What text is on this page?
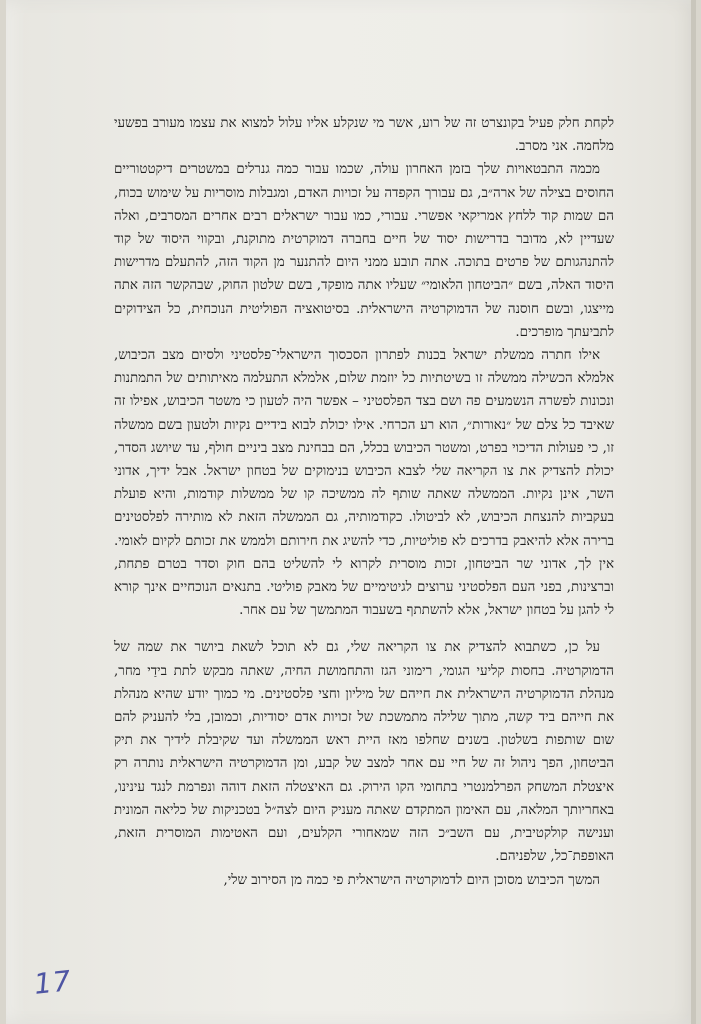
לקחת חלק פעיל בקונצרט זה של רוע, אשר מי שנקלע אליו עלול למצוא את עצמו מעורב בפשעי מלחמה. אני מסרב.

מכמה התבטאויות שלך בזמן האחרון עולה, שכמו עבור כמה גנרלים במשטרים דיקטטוריים החוסים בצילה של ארה״ב, גם עבורך הקפדה על זכויות האדם, ומגבלות מוסריות על שימוש בכוח, הם שמות קוד ללחץ אמריקאי אפשרי. עבורי, כמו עבור ישראלים רבים אחרים המסרבים, ואלה שעדיין לא, מדובר בדרישות יסוד של חיים בחברה דמוקרטית מתוקנת, ובקווי היסוד של קוד להתנהגותם של פרטים בתוכה. אתה תובע ממני היום להתנער מן הקוד הזה, להתעלם מדרישות היסוד האלה, בשם ״הביטחון הלאומי״ שעליו אתה מופקד, בשם שלטון החוק, שבהקשר הזה אתה מייצגו, ובשם חוסנה של הדמוקרטיה הישראלית. בסיטואציה הפוליטית הנוכחית, כל הצידוקים לתביעתך מופרכים.

אילו חתרה ממשלת ישראל בכנות לפתרון הסכסוך הישראלי־פלסטיני ולסיום מצב הכיבוש, אלמלא הכשילה ממשלה זו בשיטתיות כל יוזמת שלום, אלמלא התעלמה מאיתותים של התמתנות ונכונות לפשרה הנשמעים פה ושם בצד הפלסטיני – אפשר היה לטעון כי משטר הכיבוש, אפילו זה שאיבד כל צלם של ״נאורות״, הוא רע הכרחי. אילו יכולת לבוא בידיים נקיות ולטעון בשם ממשלה זו, כי פעולות הדיכוי בפרט, ומשטר הכיבוש בכלל, הם בבחינת מצב ביניים חולף, עד שיושג הסדר, יכולת להצדיק את צו הקריאה שלי לצבא הכיבוש בנימוקים של בטחון ישראל. אבל ידיך, אדוני השר, אינן נקיות. הממשלה שאתה שותף לה ממשיכה קו של ממשלות קודמות, והיא פועלת בעקביות להנצחת הכיבוש, לא לביטולו. כקודמותיה, גם הממשלה הזאת לא מותירה לפלסטינים ברירה אלא להיאבק בדרכים לא פוליטיות, כדי להשיג את חירותם ולממש את זכותם לקיום לאומי. אין לך, אדוני שר הביטחון, זכות מוסרית לקרוא לי להשליט בהם חוק וסדר בטרם פתחת, וברצינות, בפני העם הפלסטיני ערוצים לגיטימיים של מאבק פוליטי. בתנאים הנוכחיים אינך קורא לי להגן על בטחון ישראל, אלא להשתתף בשעבוד המתמשך של עם אחר.

על כן, כשתבוא להצדיק את צו הקריאה שלי, גם לא תוכל לשאת ביושר את שמה של הדמוקרטיה. בחסות קליעי הגומי, רימוני הגז והתחמושת החיה, שאתה מבקש לתת בידַי מחר, מנהלת הדמוקרטיה הישראלית את חייהם של מיליון וחצי פלסטינים. מי כמוך יודע שהיא מנהלת את חייהם ביד קשה, מתוך שלילה מתמשכת של זכויות אדם יסודיות, וכמובן, בלי להעניק להם שום שותפות בשלטון. בשנים שחלפו מאז היית ראש הממשלה ועד שקיבלת לידיך את תיק הביטחון, הפך ניהול זה של חיי עם אחר למצב של קבע, ומן הדמוקרטיה הישראלית נותרה רק איצטלת המשחק הפרלמנטרי בתחומי הקו הירוק. גם האיצטלה הזאת דוהה ונפרמת לנגד עינינו, באחריותך המלאה, עם האימון המתקדם שאתה מעניק היום לצה״ל בטכניקות של כליאה המונית וענישה קולקטיבית, עם השב״כ הזה שמאחורי הקלעים, ועם האטימות המוסרית הזאת, האופפת־כל, שלפניהם.

המשך הכיבוש מסוכן היום לדמוקרטיה הישראלית פי כמה מן הסירוב שלי,

17
